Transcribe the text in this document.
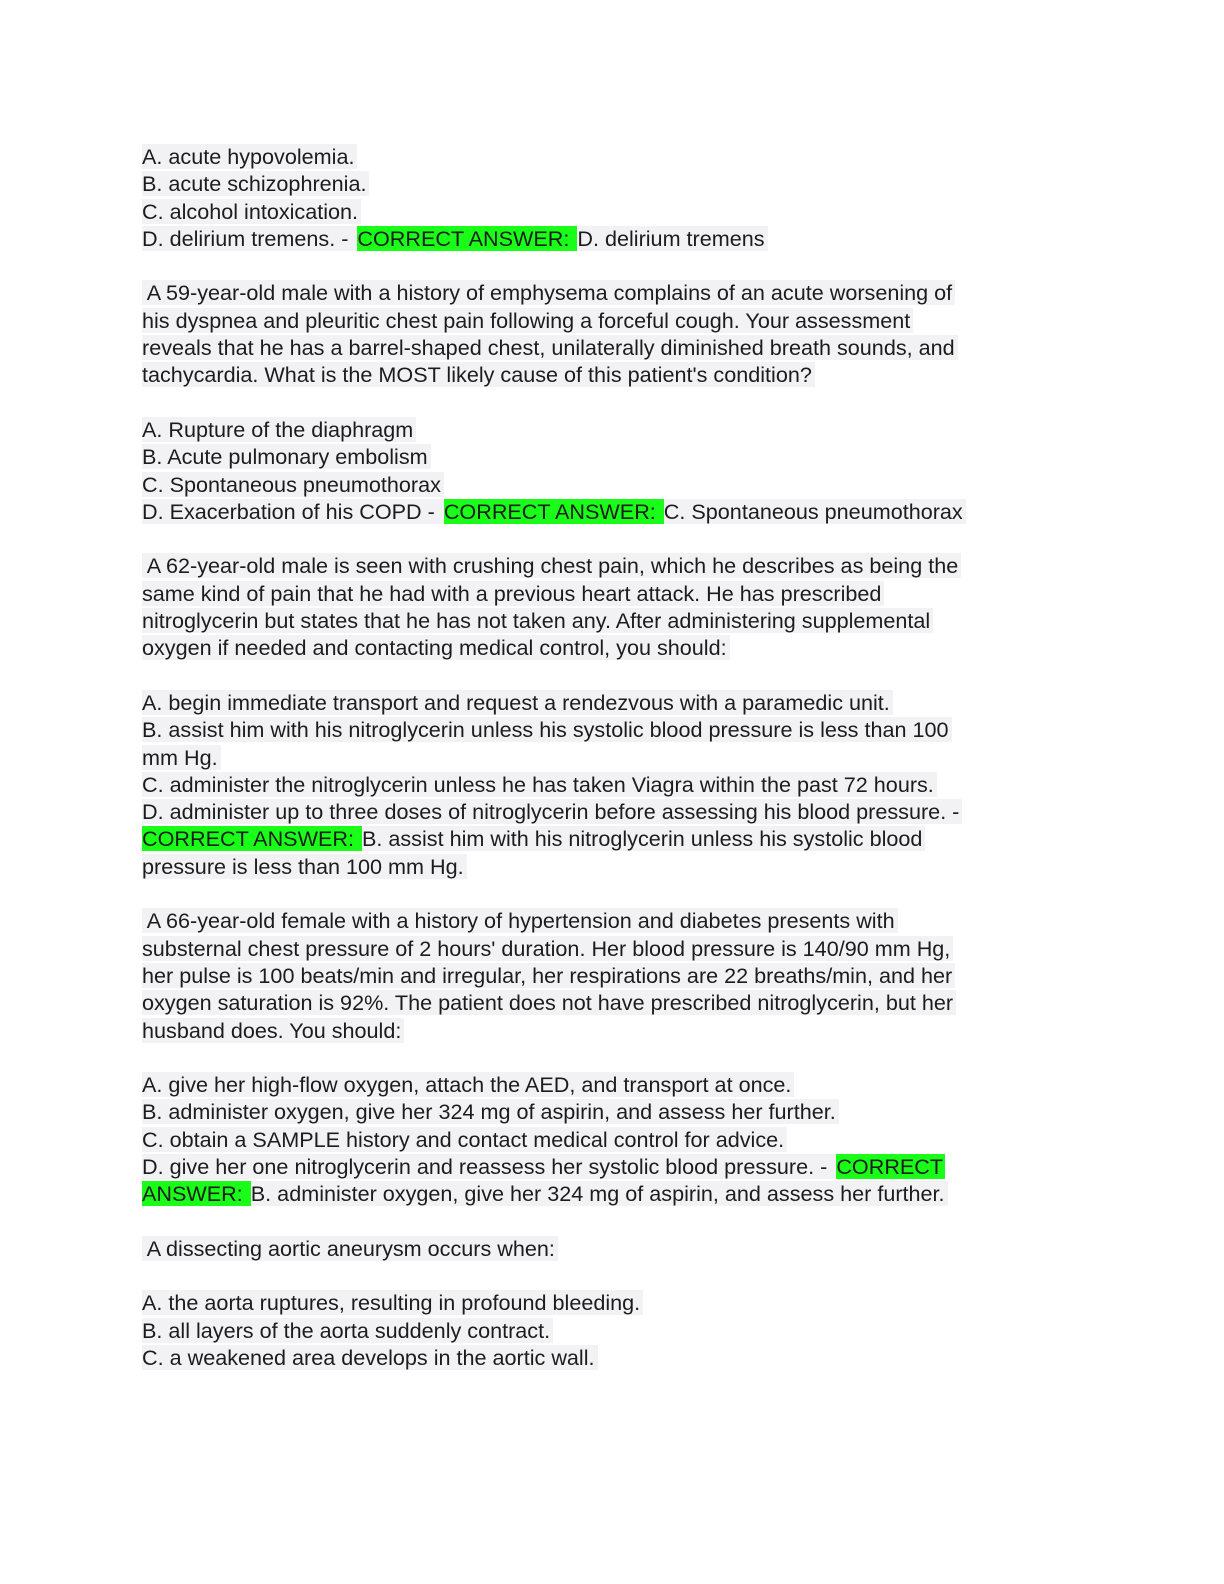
A. acute hypovolemia.
B. acute schizophrenia.
C. alcohol intoxication.
D. delirium tremens. - CORRECT ANSWER: D. delirium tremens
A 59-year-old male with a history of emphysema complains of an acute worsening of
his dyspnea and pleuritic chest pain following a forceful cough. Your assessment
reveals that he has a barrel-shaped chest, unilaterally diminished breath sounds, and
tachycardia. What is the MOST likely cause of this patient's condition?
A. Rupture of the diaphragm
B. Acute pulmonary embolism
C. Spontaneous pneumothorax
D. Exacerbation of his COPD - CORRECT ANSWER: C. Spontaneous pneumothorax
A 62-year-old male is seen with crushing chest pain, which he describes as being the
same kind of pain that he had with a previous heart attack. He has prescribed
nitroglycerin but states that he has not taken any. After administering supplemental
oxygen if needed and contacting medical control, you should:
A. begin immediate transport and request a rendezvous with a paramedic unit.
B. assist him with his nitroglycerin unless his systolic blood pressure is less than 100
mm Hg.
C. administer the nitroglycerin unless he has taken Viagra within the past 72 hours.
D. administer up to three doses of nitroglycerin before assessing his blood pressure. -
CORRECT ANSWER: B. assist him with his nitroglycerin unless his systolic blood
pressure is less than 100 mm Hg.
A 66-year-old female with a history of hypertension and diabetes presents with
substernal chest pressure of 2 hours' duration. Her blood pressure is 140/90 mm Hg,
her pulse is 100 beats/min and irregular, her respirations are 22 breaths/min, and her
oxygen saturation is 92%. The patient does not have prescribed nitroglycerin, but her
husband does. You should:
A. give her high-flow oxygen, attach the AED, and transport at once.
B. administer oxygen, give her 324 mg of aspirin, and assess her further.
C. obtain a SAMPLE history and contact medical control for advice.
D. give her one nitroglycerin and reassess her systolic blood pressure. - CORRECT
ANSWER: B. administer oxygen, give her 324 mg of aspirin, and assess her further.
A dissecting aortic aneurysm occurs when:
A. the aorta ruptures, resulting in profound bleeding.
B. all layers of the aorta suddenly contract.
C. a weakened area develops in the aortic wall.
